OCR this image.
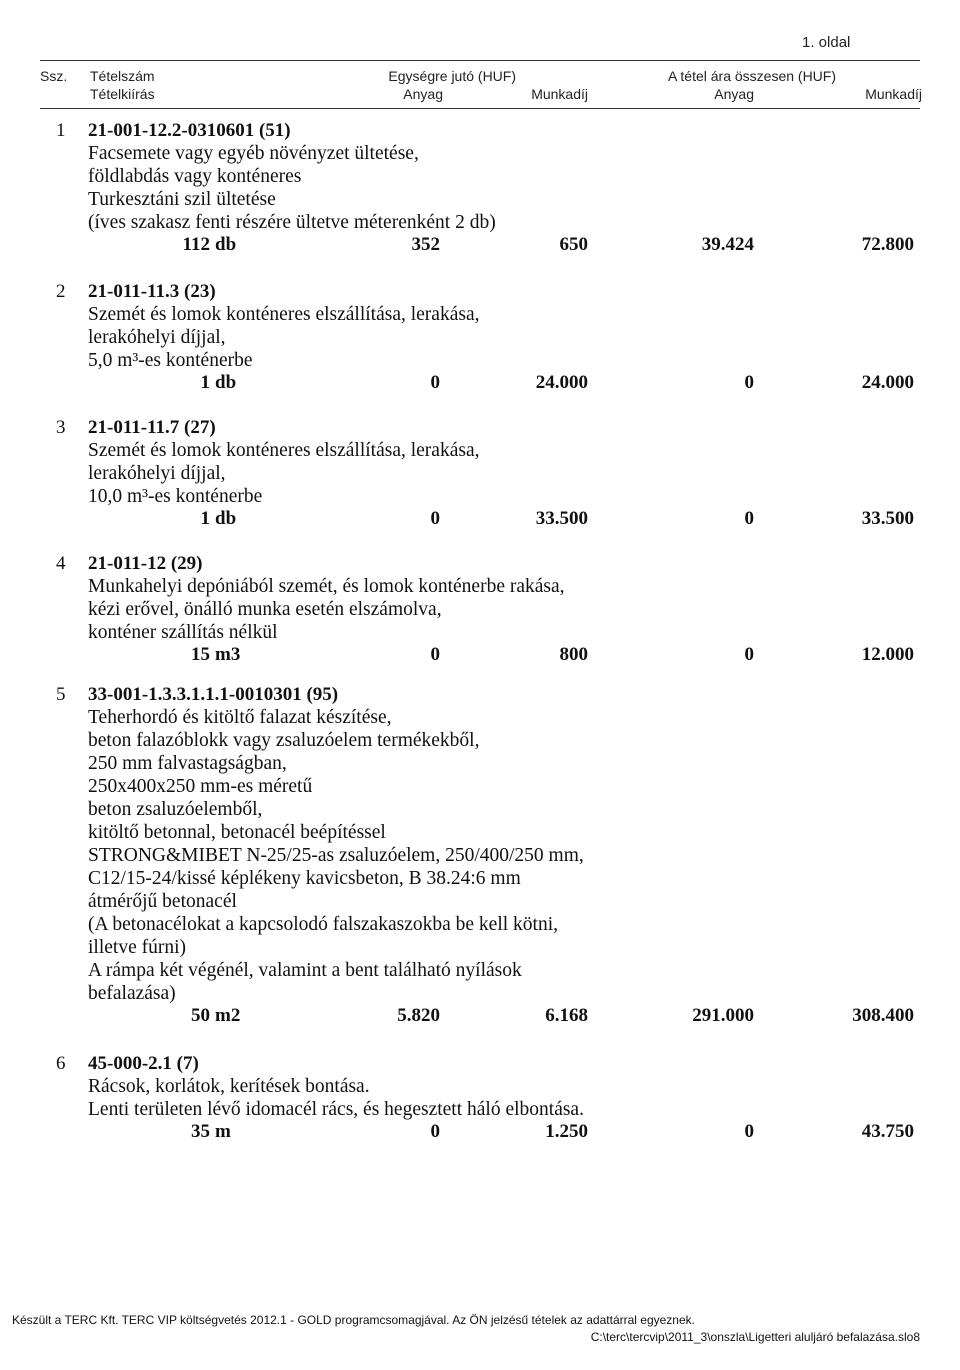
1. oldal
Ssz. Tételszám
Tételkiírás
Egységre jutó (HUF)
Anyag	Munkadíj
A tétel ára összesen (HUF)
Anyag	Munkadíj
1 21-001-12.2-0310601 (51)
Facsemete vagy egyéb növényzet ültetése,
földlabdás vagy konténeres
Turkesztáni szil ültetése
(íves szakasz fenti részére ültetve méterenként 2 db)
112 db	352	650	39.424	72.800
2 21-011-11.3 (23)
Szemét és lomok konténeres elszállítása, lerakása,
lerakóhelyi díjjal,
5,0 m³-es konténerbe
1 db	0	24.000	0	24.000
3 21-011-11.7 (27)
Szemét és lomok konténeres elszállítása, lerakása,
lerakóhelyi díjjal,
10,0 m³-es konténerbe
1 db	0	33.500	0	33.500
4 21-011-12 (29)
Munkahelyi depóniából szemét, és lomok konténerbe rakása,
kézi erővel, önálló munka esetén elszámolva,
konténer szállítás nélkül
15 m3	0	800	0	12.000
5 33-001-1.3.3.1.1.1-0010301 (95)
Teherhordó és kitöltő falazat készítése,
beton falazóblokk vagy zsaluzóelem termékekből,
250 mm falvastagságban,
250x400x250 mm-es méretű
beton zsaluzóelemből,
kitöltő betonnal, betonacél beépítéssel
STRONG&MIBET N-25/25-as zsaluzóelem, 250/400/250 mm,
C12/15-24/kissé képlékeny kavicsbeton, B 38.24:6 mm
átmérőjű betonacél
(A betonacélokat a kapcsolodó falszakaszokba be kell kötni,
illetve fúrni)
A rámpa két végénél, valamint a bent található nyílások
befalazása)
50 m2	5.820	6.168	291.000	308.400
6 45-000-2.1 (7)
Rácsok, korlátok, kerítések bontása.
Lenti területen lévő idomacél rács, és hegesztett háló elbontása.
35 m	0	1.250	0	43.750
Készült a TERC Kft. TERC VIP költségvetés 2012.1 - GOLD programcsomagjával. Az ÖN jelzésű tételek az adattárral egyeznek.
C:\terc\tercvip\2011_3\onszla\Ligetteri aluljáró befalazása.slo8
